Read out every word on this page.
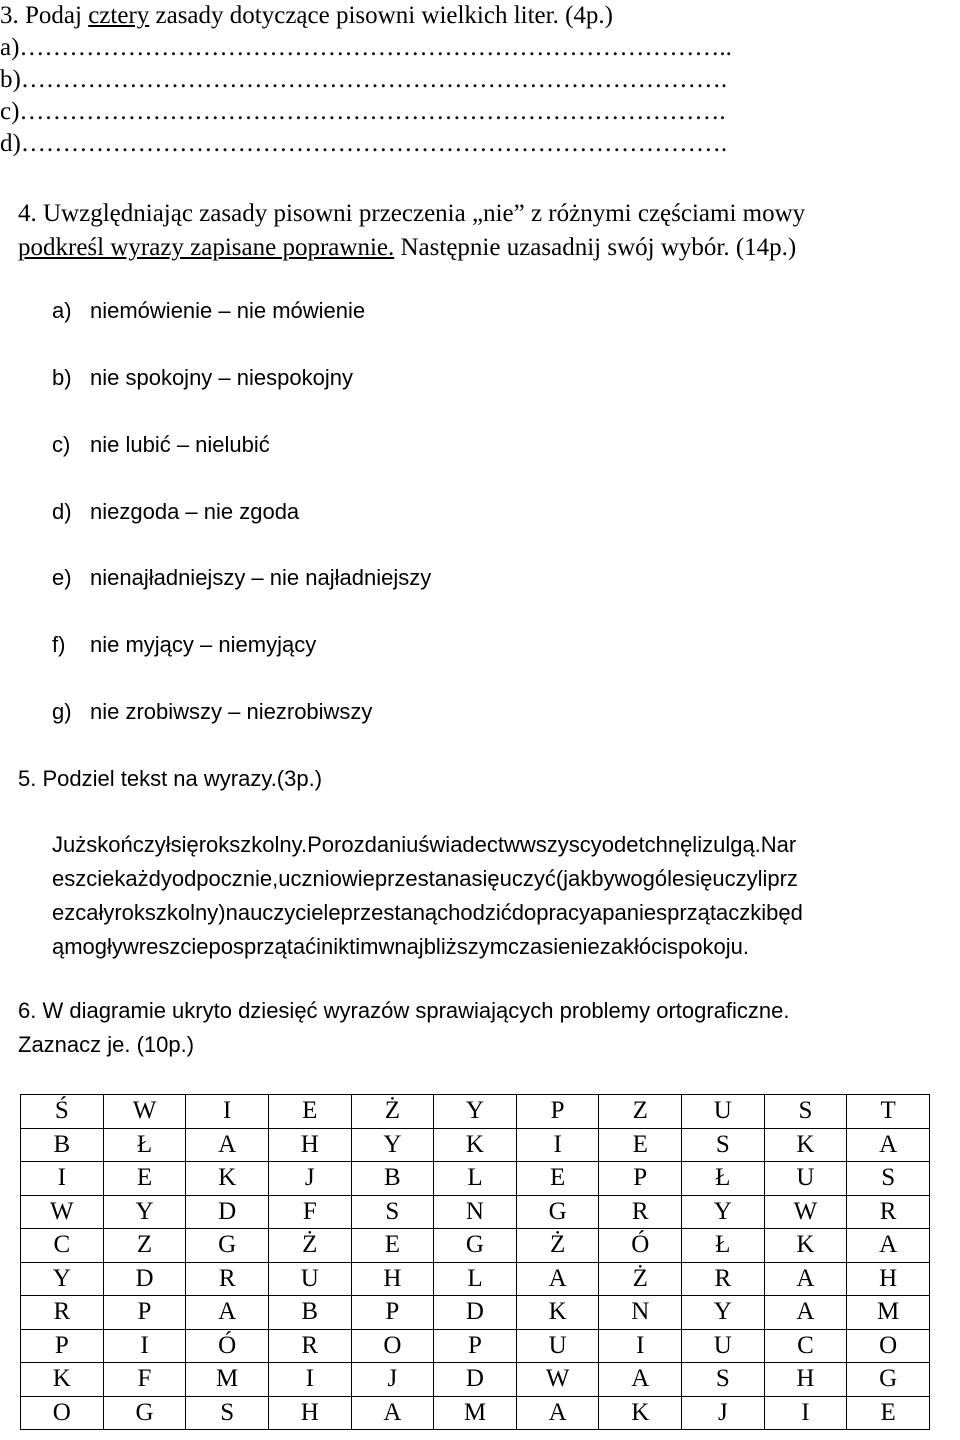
3. Podaj cztery zasady dotyczące pisowni wielkich liter. (4p.)
a)…………………………………………………………………………..
b)………………………………………………………………………….
c)………………………………………………………………………….
d)………………………………………………………………………….
4. Uwzględniając zasady pisowni przeczenia „nie” z różnymi częściami mowy
podkreśl wyrazy zapisane poprawnie. Następnie uzasadnij swój wybór. (14p.)
a) niemówienie – nie mówienie
b) nie spokojny – niespokojny
c) nie lubić – nielubić
d) niezgoda – nie zgoda
e) nienajładniejszy – nie najładniejszy
f) nie myjący – niemyjący
g) nie zrobiwszy – niezrobiwszy
5. Podziel tekst na wyrazy.(3p.)
Jużskończyłsięrokszkolny.Porozdaniuświadectwwszyscyodetchnęlizulgą.Nar
eszciekażdyodpocznie,uczniowieprzestanasięuczyć(jakbywogólesięuczyliprz
ezcałyrokszkolny)nauczycieleprzestanąchodzićdopracyapaniesprzątaczkibęd
ąmogływreszcieposprzątaćiniktimwnajbliższymczasieniezakłócispokoju.
6. W diagramie ukryto dziesięć wyrazów sprawiających problemy ortograficzne.
Zaznacz je. (10p.)
Ś	W	I	E	Ż	Y	P	Z	U	S	T
B	Ł	A	H	Y	K	I	E	S	K	A
I	E	K	J	B	L	E	P	Ł	U	S
W	Y	D	F	S	N	G	R	Y	W	R
C	Z	G	Ż	E	G	Ż	Ó	Ł	K	A
Y	D	R	U	H	L	A	Ż	R	A	H
R	P	A	B	P	D	K	N	Y	A	M
P	I	Ó	R	O	P	U	I	U	C	O
K	F	M	I	J	D	W	A	S	H	G
O	G	S	H	A	M	A	K	J	I	E
